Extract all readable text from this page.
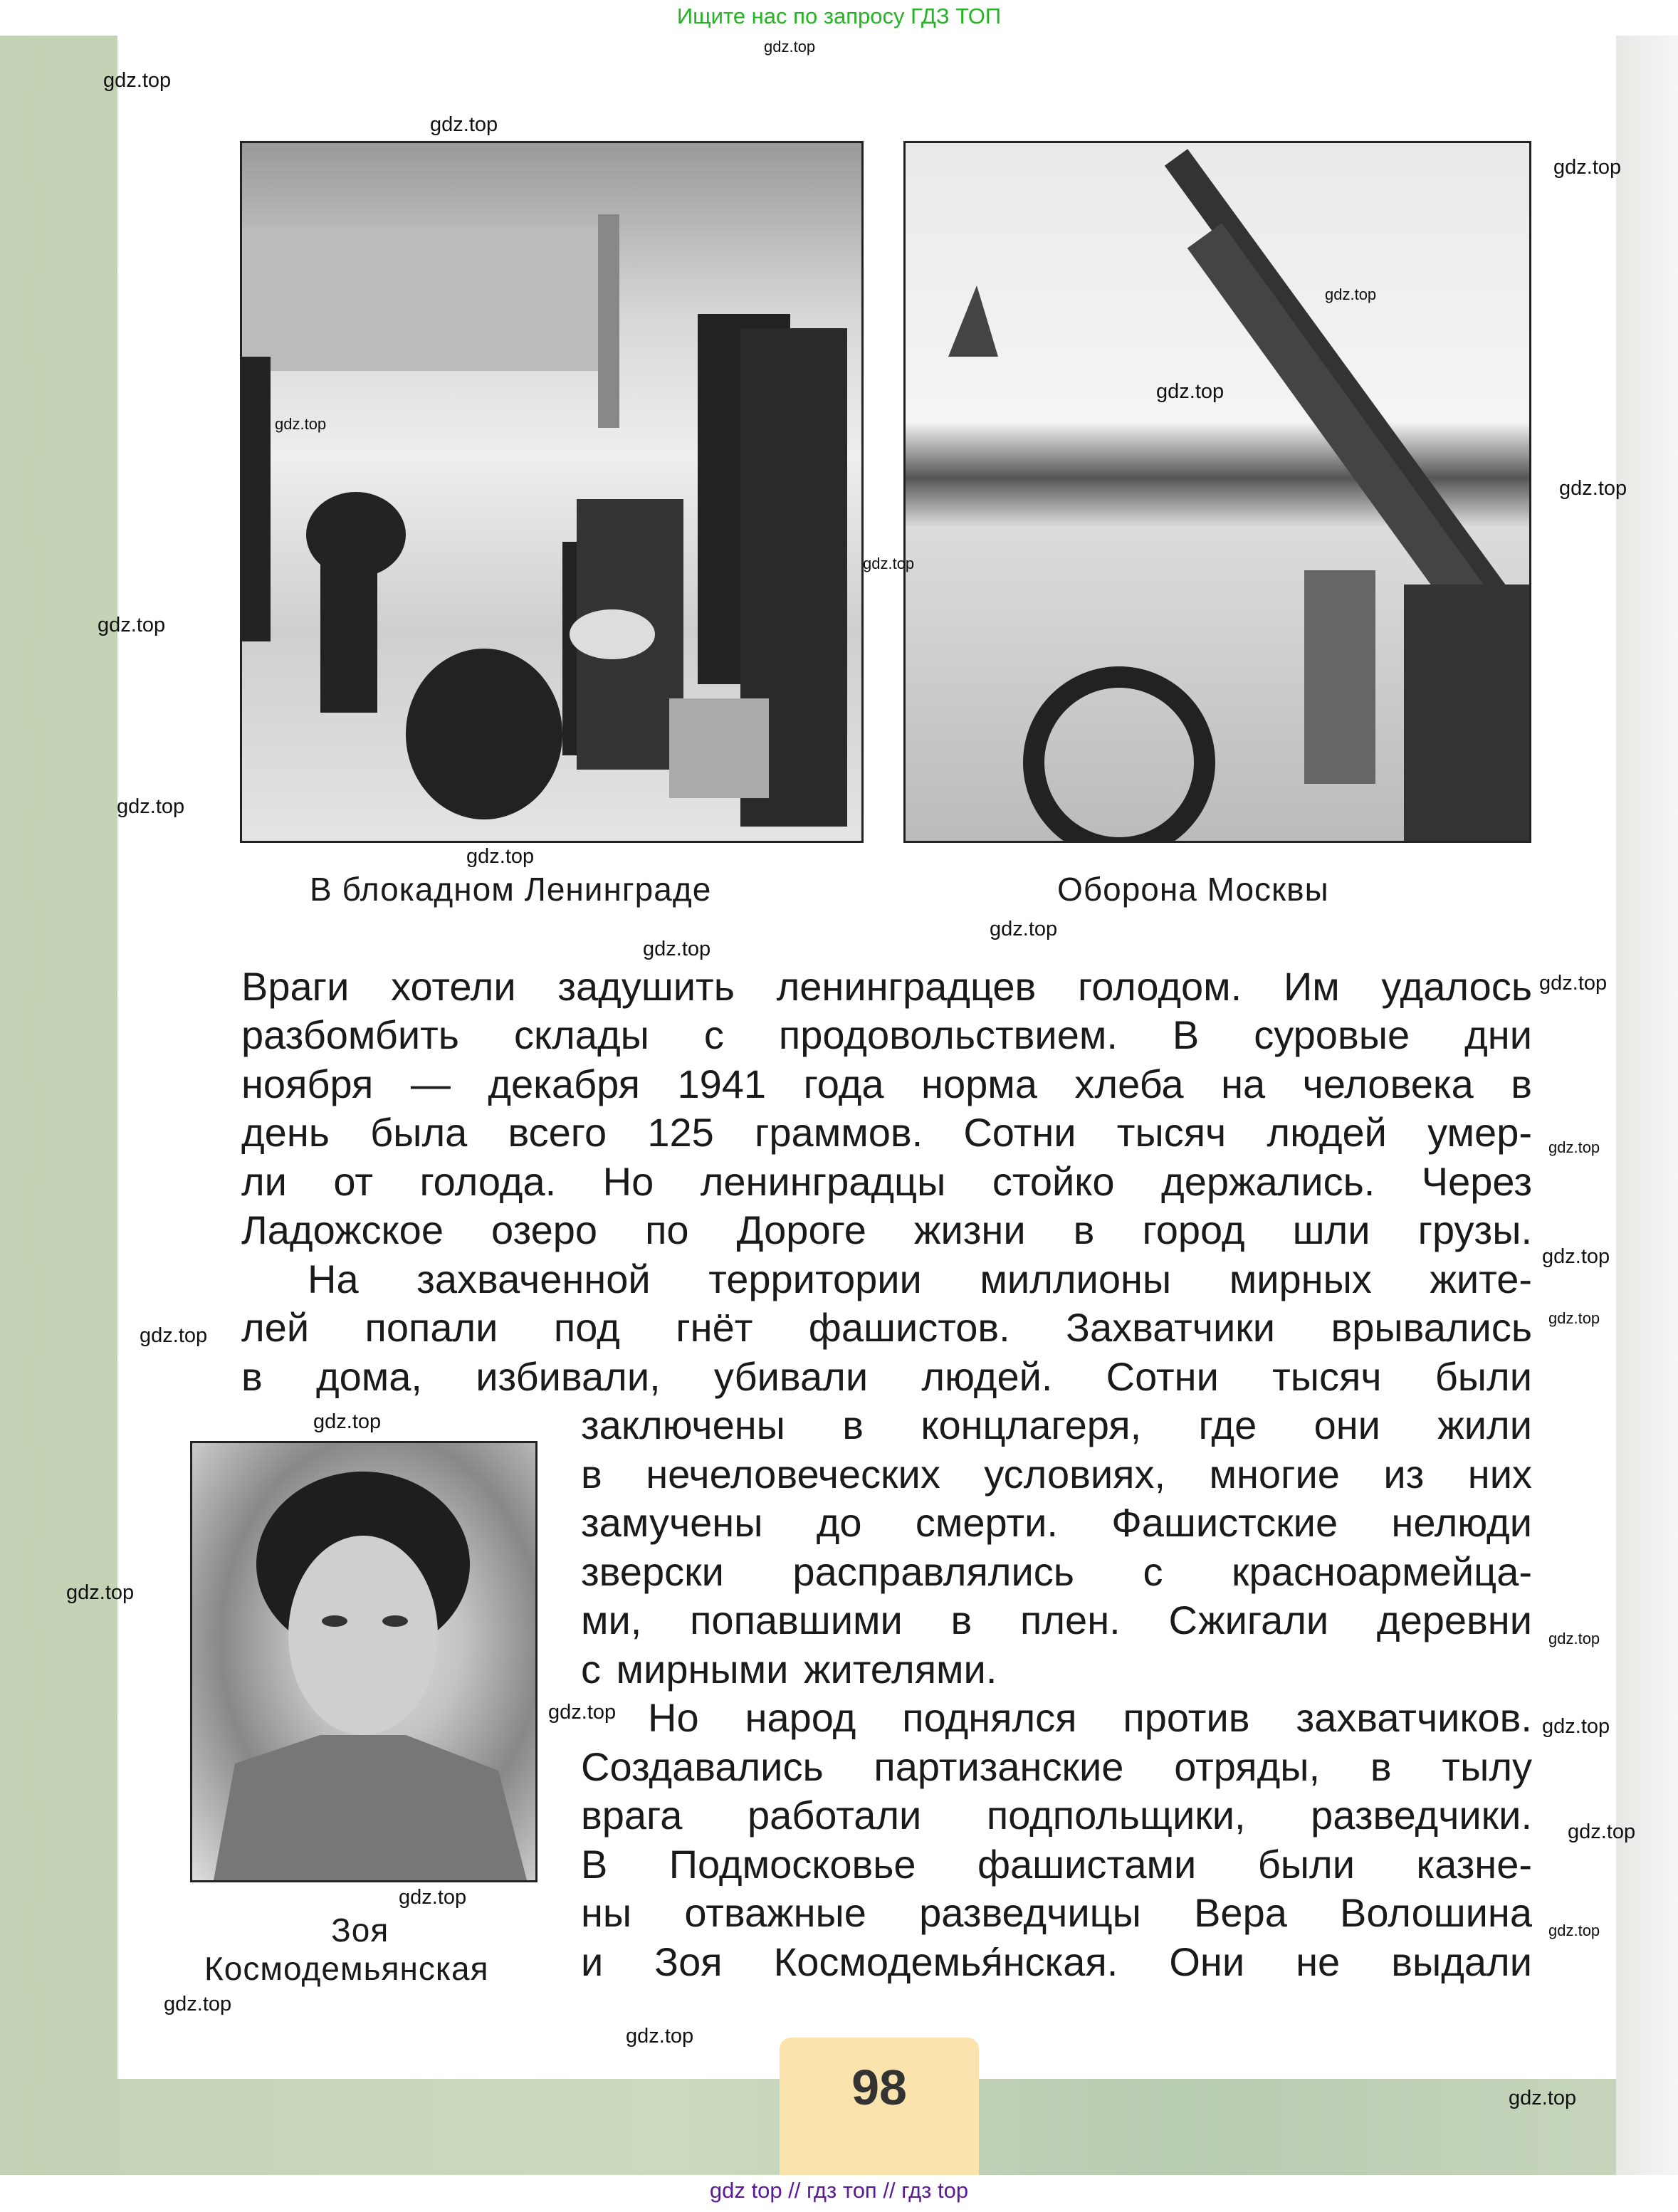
Ищите нас по запросу ГДЗ ТОП
В блокадном Ленинграде	Оборона Москвы
Зоя
Космодемьянская
Враги хотели задушить ленинградцев голодом. Им удалось
разбомбить склады с продовольствием. В суровые дни
ноября — декабря 1941 года норма хлеба на человека в
день была всего 125 граммов. Сотни тысяч людей умер-
ли от голода. Но ленинградцы стойко держались. Через
Ладожское озеро по Дороге жизни в город шли грузы.
На захваченной территории миллионы мирных жите-
лей попали под гнёт фашистов. Захватчики врывались
в дома, избивали, убивали людей. Сотни тысяч были
заключены в концлагеря, где они жили
в нечеловеческих условиях, многие из них
замучены до смерти. Фашистские нелюди
зверски расправлялись с красноармейца-
ми, попавшими в плен. Сжигали деревни
с мирными жителями.
Но народ поднялся против захватчиков.
Создавались партизанские отряды, в тылу
врага работали подпольщики, разведчики.
В Подмосковье фашистами были казне-
ны отважные разведчицы Вера Волошина
и Зоя Космодемья́нская. Они не выдали
98
gdz top // гдз топ // гдз top
gdz.top
gdz.top
gdz.top
gdz.top
gdz.top
gdz.top
gdz.top
gdz.top
gdz.top
gdz.top
gdz.top
gdz.top
gdz.top
gdz.top
gdz.top
gdz.top
gdz.top
gdz.top
gdz.top
gdz.top
gdz.top
gdz.top
gdz.top
gdz.top
gdz.top
gdz.top
gdz.top
gdz.top
gdz.top
gdz.top
